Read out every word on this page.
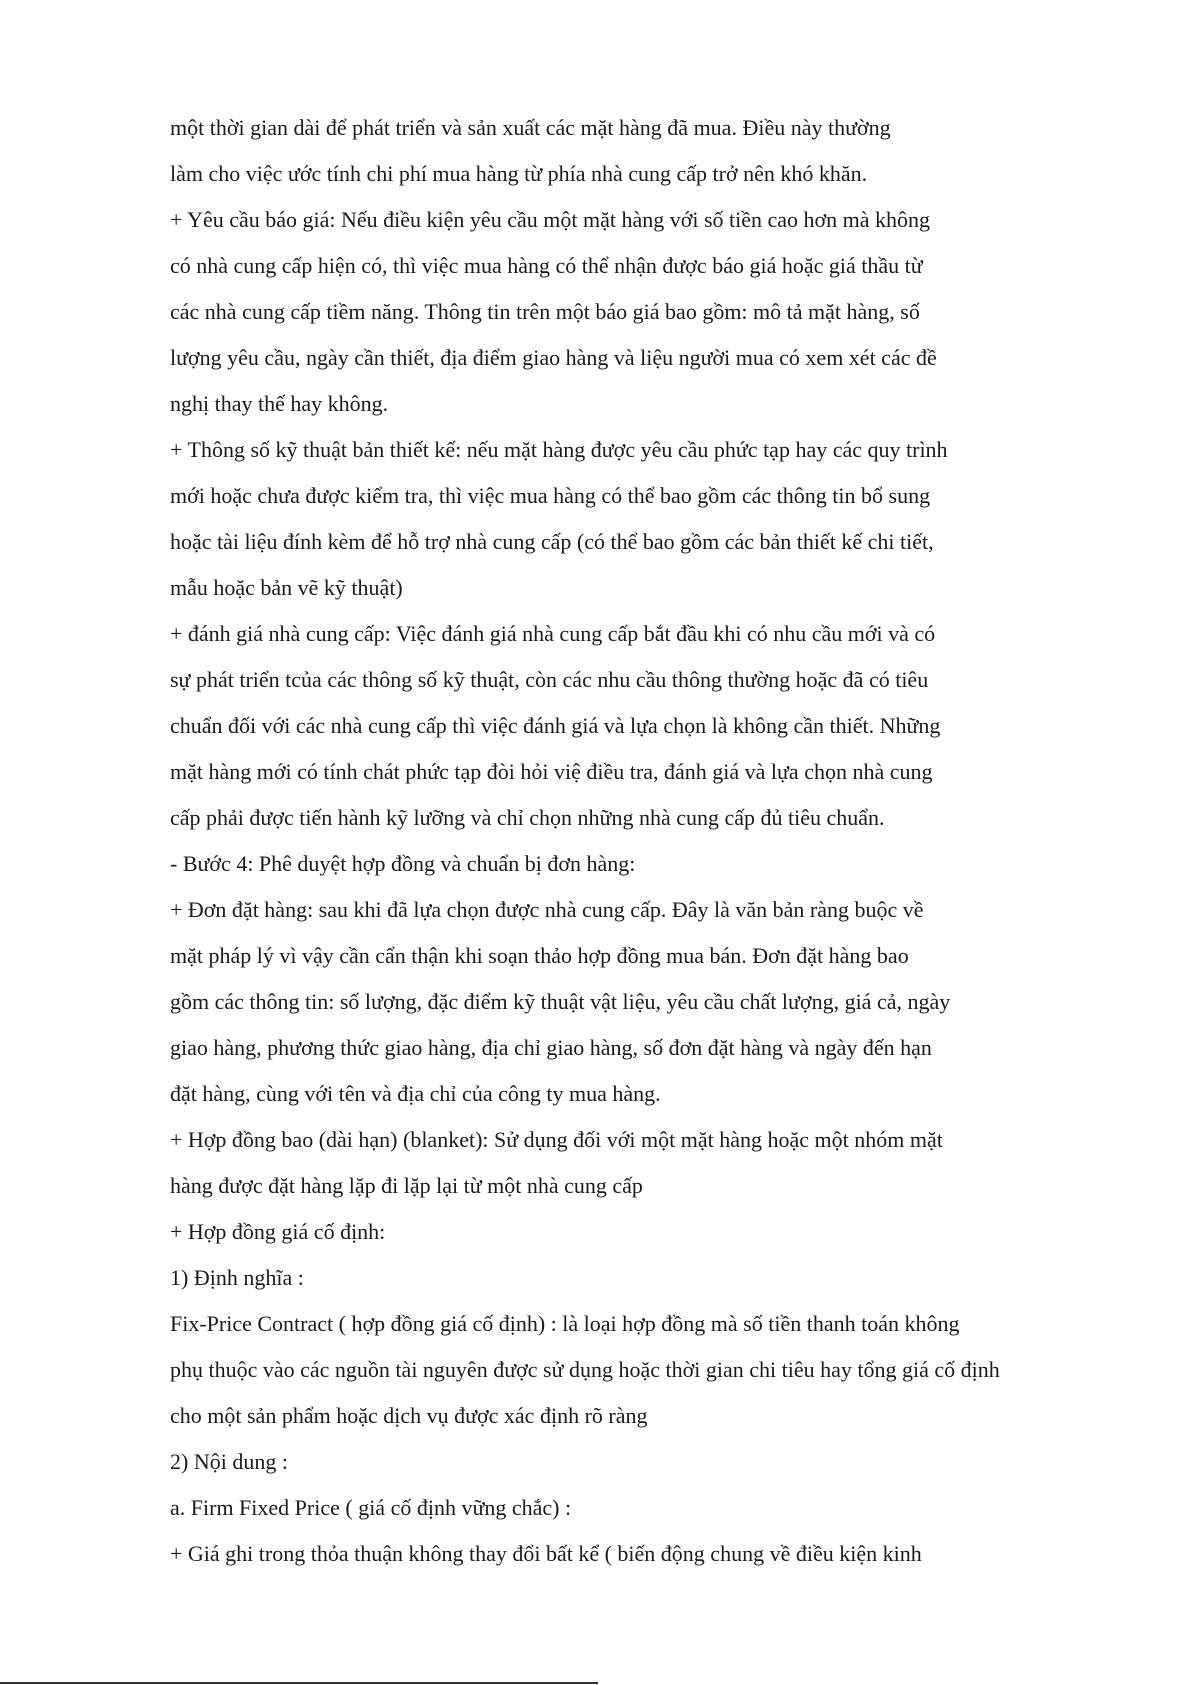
một thời gian dài để phát triển và sản xuất các mặt hàng đã mua. Điều này thường
làm cho việc ước tính chi phí mua hàng từ phía nhà cung cấp trở nên khó khăn.
+ Yêu cầu báo giá: Nếu điều kiện yêu cầu một mặt hàng với số tiền cao hơn mà không
có nhà cung cấp hiện có, thì việc mua hàng có thể nhận được báo giá hoặc giá thầu từ
các nhà cung cấp tiềm năng. Thông tin trên một báo giá bao gồm: mô tả mặt hàng, số
lượng yêu cầu, ngày cần thiết, địa điểm giao hàng và liệu người mua có xem xét các đề
nghị thay thế hay không.
+ Thông số kỹ thuật bản thiết kế: nếu mặt hàng được yêu cầu phức tạp hay các quy trình
mới hoặc chưa được kiểm tra, thì việc mua hàng có thể bao gồm các thông tin bổ sung
hoặc tài liệu đính kèm để hỗ trợ nhà cung cấp (có thể bao gồm các bản thiết kế chi tiết,
mẫu hoặc bản vẽ kỹ thuật)
+ đánh giá nhà cung cấp: Việc đánh giá nhà cung cấp bắt đầu khi có nhu cầu mới và có
sự phát triển tcủa các thông số kỹ thuật, còn các nhu cầu thông thường hoặc đã có tiêu
chuẩn đối với các nhà cung cấp thì việc đánh giá và lựa chọn là không cần thiết. Những
mặt hàng mới có tính chát phức tạp đòi hỏi việ điều tra, đánh giá và lựa chọn nhà cung
cấp phải được tiến hành kỹ lưỡng và chỉ chọn những nhà cung cấp đủ tiêu chuẩn.
- Bước 4: Phê duyệt hợp đồng và chuẩn bị đơn hàng:
+ Đơn đặt hàng: sau khi đã lựa chọn được nhà cung cấp. Đây là văn bản ràng buộc về
mặt pháp lý vì vậy cần cẩn thận khi soạn thảo hợp đồng mua bán. Đơn đặt hàng bao
gồm các thông tin: số lượng, đặc điểm kỹ thuật vật liệu, yêu cầu chất lượng, giá cả, ngày
giao hàng, phương thức giao hàng, địa chỉ giao hàng, số đơn đặt hàng và ngày đến hạn
đặt hàng, cùng với tên và địa chỉ của công ty mua hàng.
+ Hợp đồng bao (dài hạn) (blanket): Sử dụng đối với một mặt hàng hoặc một nhóm mặt
hàng được đặt hàng lặp đi lặp lại từ một nhà cung cấp
+ Hợp đồng giá cố định:
1) Định nghĩa :
Fix-Price Contract ( hợp đồng giá cố định) : là loại hợp đồng mà số tiền thanh toán không
phụ thuộc vào các nguồn tài nguyên được sử dụng hoặc thời gian chi tiêu hay tổng giá cố định
cho một sản phẩm hoặc dịch vụ được xác định rõ ràng
2) Nội dung :
a. Firm Fixed Price ( giá cố định vững chắc) :
+ Giá ghi trong thỏa thuận không thay đổi bất kể ( biến động chung về điều kiện kinh
